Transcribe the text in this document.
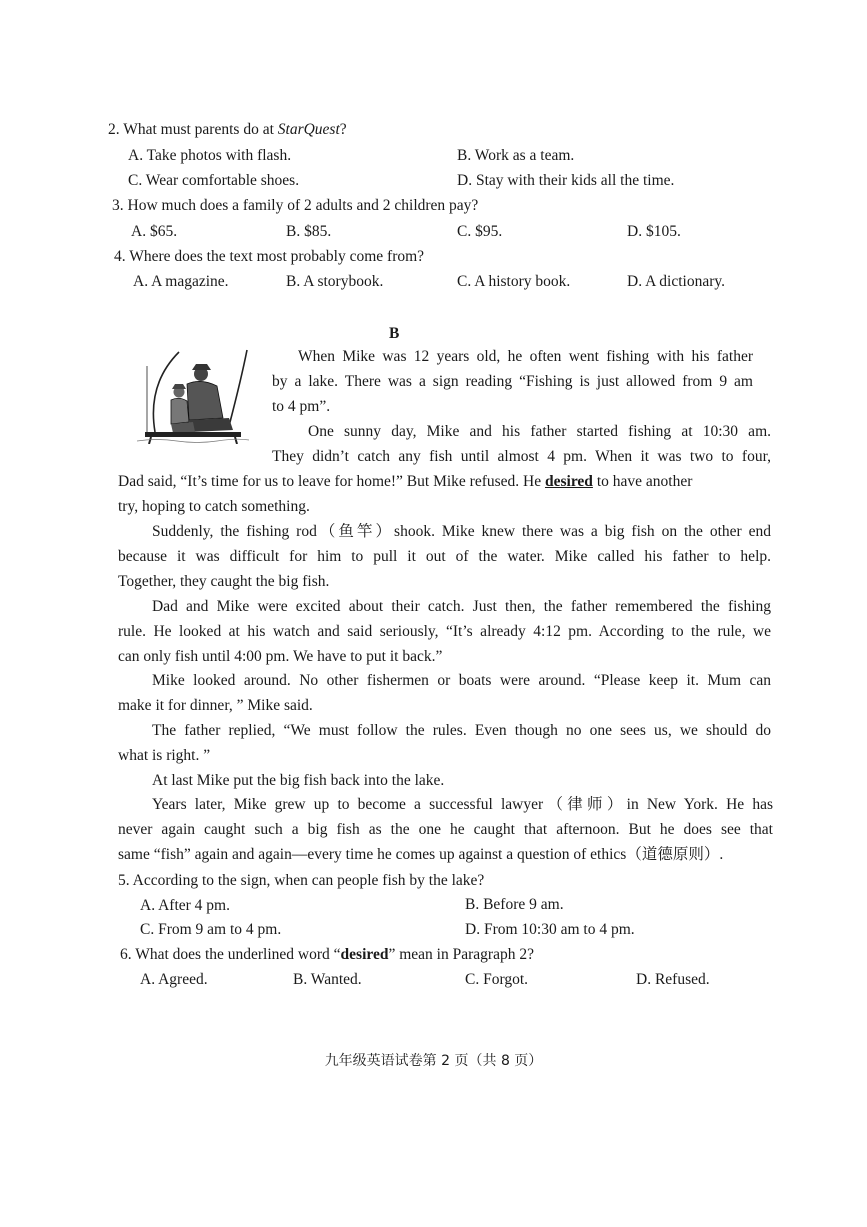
2. What must parents do at StarQuest?
A. Take photos with flash.	B. Work as a team.
C. Wear comfortable shoes.	D. Stay with their kids all the time.
3. How much does a family of 2 adults and 2 children pay?
A. $65.	B. $85.	C. $95.	D. $105.
4. Where does the text most probably come from?
A. A magazine.	B. A storybook.	C. A history book.	D. A dictionary.
B
When Mike was 12 years old, he often went fishing with his father
by a lake. There was a sign reading “Fishing is just allowed from 9 am
to 4 pm”.
One sunny day, Mike and his father started fishing at 10:30 am.
They didn’t catch any fish until almost 4 pm. When it was two to four,
Dad said, “It’s time for us to leave for home!” But Mike refused. He desired to have another
try, hoping to catch something.
Suddenly, the fishing rod（鱼竿）shook. Mike knew there was a big fish on the other end
because it was difficult for him to pull it out of the water. Mike called his father to help.
Together, they caught the big fish.
Dad and Mike were excited about their catch. Just then, the father remembered the fishing
rule. He looked at his watch and said seriously, “It’s already 4:12 pm. According to the rule, we
can only fish until 4:00 pm. We have to put it back.”
Mike looked around. No other fishermen or boats were around. “Please keep it. Mum can
make it for dinner, ” Mike said.
The father replied, “We must follow the rules. Even though no one sees us, we should do
what is right. ”
At last Mike put the big fish back into the lake.
Years later, Mike grew up to become a successful lawyer（律师）in New York. He has
never again caught such a big fish as the one he caught that afternoon. But he does see that
same “fish” again and again—every time he comes up against a question of ethics（道德原则）.
5. According to the sign, when can people fish by the lake?
A. After 4 pm.	B. Before 9 am.
C. From 9 am to 4 pm.	D. From 10:30 am to 4 pm.
6. What does the underlined word “desired” mean in Paragraph 2?
A. Agreed.	B. Wanted.	C. Forgot.	D. Refused.
九年级英语试卷第 2 页（共 8 页）
